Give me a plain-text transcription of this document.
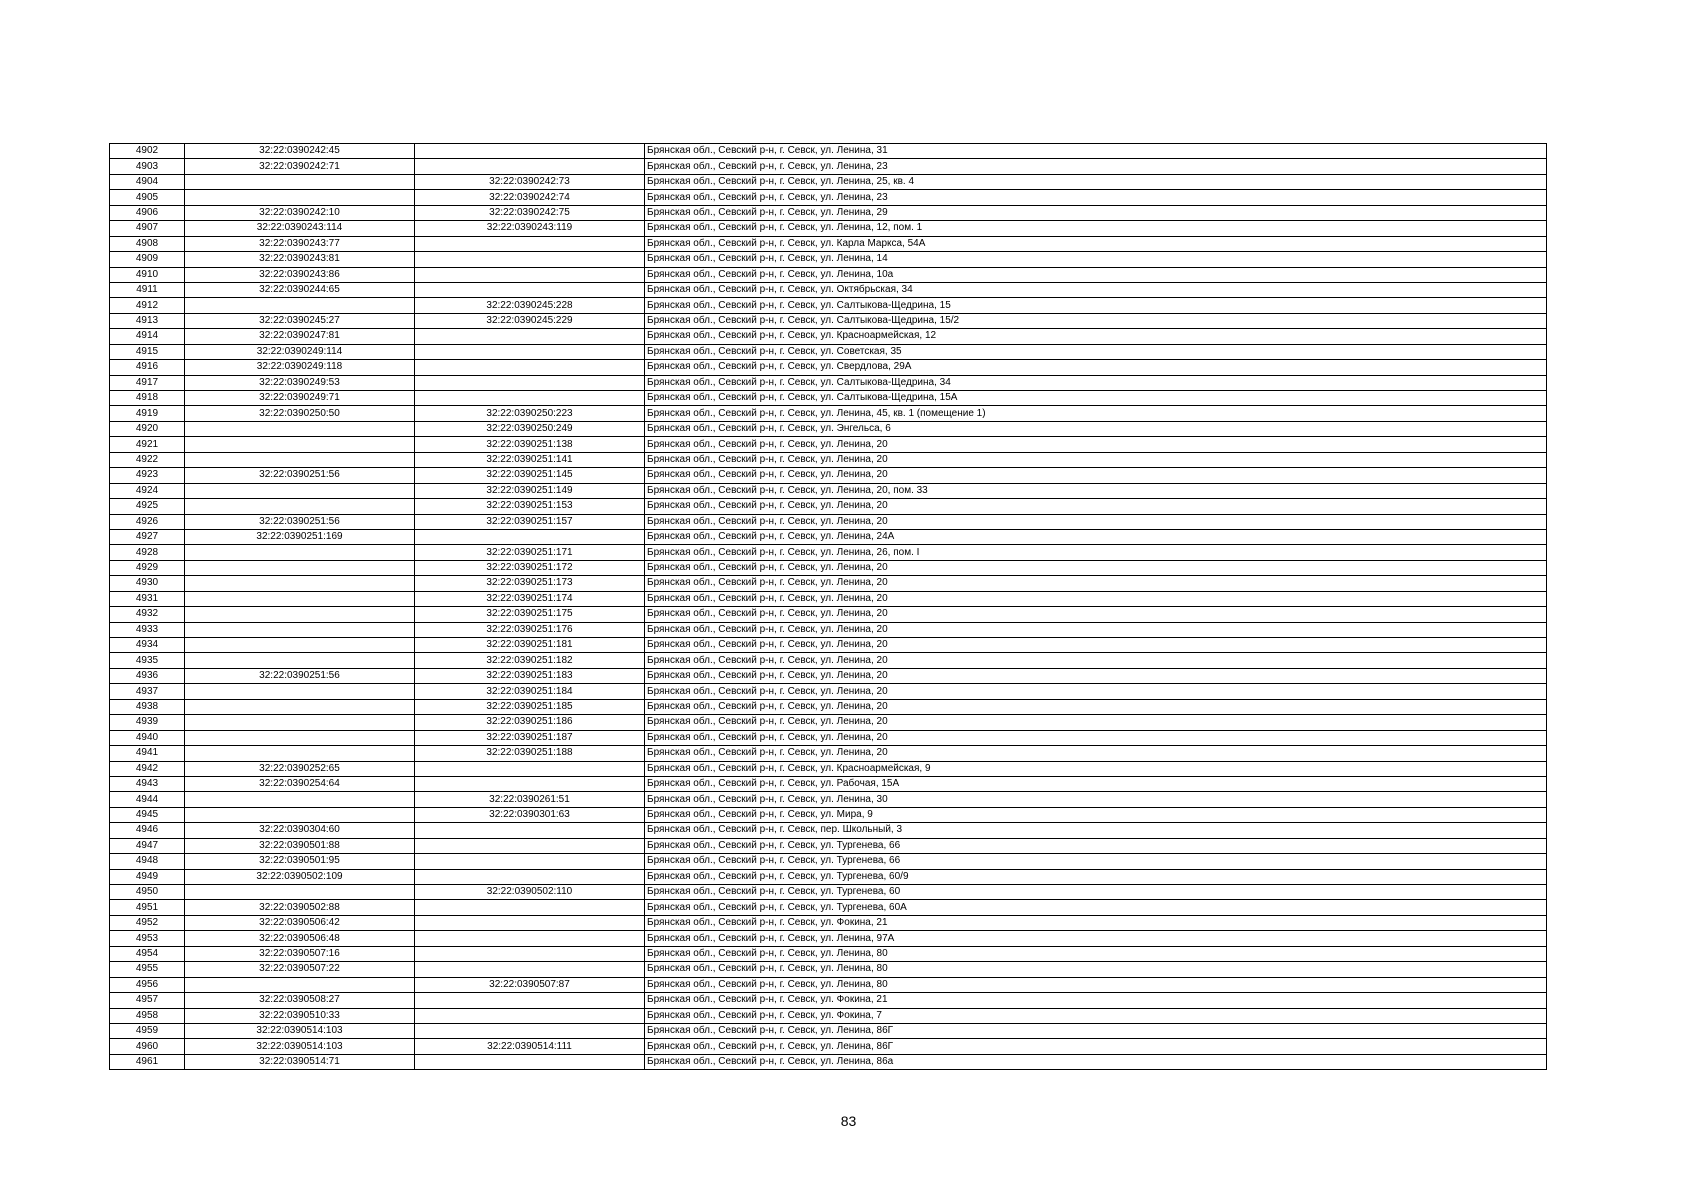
4902	32:22:0390242:45		Брянская обл., Севский р-н, г. Севск, ул. Ленина, 31
4903	32:22:0390242:71		Брянская обл., Севский р-н, г. Севск, ул. Ленина, 23
4904		32:22:0390242:73	Брянская обл., Севский р-н, г. Севск, ул. Ленина, 25, кв. 4
4905		32:22:0390242:74	Брянская обл., Севский р-н, г. Севск, ул. Ленина, 23
4906	32:22:0390242:10	32:22:0390242:75	Брянская обл., Севский р-н, г. Севск, ул. Ленина, 29
4907	32:22:0390243:114	32:22:0390243:119	Брянская обл., Севский р-н, г. Севск, ул. Ленина, 12, пом. 1
4908	32:22:0390243:77		Брянская обл., Севский р-н, г. Севск, ул. Карла Маркса, 54А
4909	32:22:0390243:81		Брянская обл., Севский р-н, г. Севск, ул. Ленина, 14
4910	32:22:0390243:86		Брянская обл., Севский р-н, г. Севск, ул. Ленина, 10а
4911	32:22:0390244:65		Брянская обл., Севский р-н, г. Севск, ул. Октябрьская, 34
4912		32:22:0390245:228	Брянская обл., Севский р-н, г. Севск, ул. Салтыкова-Щедрина, 15
4913	32:22:0390245:27	32:22:0390245:229	Брянская обл., Севский р-н, г. Севск, ул. Салтыкова-Щедрина, 15/2
4914	32:22:0390247:81		Брянская обл., Севский р-н, г. Севск, ул. Красноармейская, 12
4915	32:22:0390249:114		Брянская обл., Севский р-н, г. Севск, ул. Советская, 35
4916	32:22:0390249:118		Брянская обл., Севский р-н, г. Севск, ул. Свердлова, 29А
4917	32:22:0390249:53		Брянская обл., Севский р-н, г. Севск, ул. Салтыкова-Щедрина, 34
4918	32:22:0390249:71		Брянская обл., Севский р-н, г. Севск, ул. Салтыкова-Щедрина, 15А
4919	32:22:0390250:50	32:22:0390250:223	Брянская обл., Севский р-н, г. Севск, ул. Ленина, 45, кв. 1 (помещение 1)
4920		32:22:0390250:249	Брянская обл., Севский р-н, г. Севск, ул. Энгельса, 6
4921		32:22:0390251:138	Брянская обл., Севский р-н, г. Севск, ул. Ленина, 20
4922		32:22:0390251:141	Брянская обл., Севский р-н, г. Севск, ул. Ленина, 20
4923	32:22:0390251:56	32:22:0390251:145	Брянская обл., Севский р-н, г. Севск, ул. Ленина, 20
4924		32:22:0390251:149	Брянская обл., Севский р-н, г. Севск, ул. Ленина, 20, пом. 33
4925		32:22:0390251:153	Брянская обл., Севский р-н, г. Севск, ул. Ленина, 20
4926	32:22:0390251:56	32:22:0390251:157	Брянская обл., Севский р-н, г. Севск, ул. Ленина, 20
4927	32:22:0390251:169		Брянская обл., Севский р-н, г. Севск, ул. Ленина, 24А
4928		32:22:0390251:171	Брянская обл., Севский р-н, г. Севск, ул. Ленина, 26, пом. I
4929		32:22:0390251:172	Брянская обл., Севский р-н, г. Севск, ул. Ленина, 20
4930		32:22:0390251:173	Брянская обл., Севский р-н, г. Севск, ул. Ленина, 20
4931		32:22:0390251:174	Брянская обл., Севский р-н, г. Севск, ул. Ленина, 20
4932		32:22:0390251:175	Брянская обл., Севский р-н, г. Севск, ул. Ленина, 20
4933		32:22:0390251:176	Брянская обл., Севский р-н, г. Севск, ул. Ленина, 20
4934		32:22:0390251:181	Брянская обл., Севский р-н, г. Севск, ул. Ленина, 20
4935		32:22:0390251:182	Брянская обл., Севский р-н, г. Севск, ул. Ленина, 20
4936	32:22:0390251:56	32:22:0390251:183	Брянская обл., Севский р-н, г. Севск, ул. Ленина, 20
4937		32:22:0390251:184	Брянская обл., Севский р-н, г. Севск, ул. Ленина, 20
4938		32:22:0390251:185	Брянская обл., Севский р-н, г. Севск, ул. Ленина, 20
4939		32:22:0390251:186	Брянская обл., Севский р-н, г. Севск, ул. Ленина, 20
4940		32:22:0390251:187	Брянская обл., Севский р-н, г. Севск, ул. Ленина, 20
4941		32:22:0390251:188	Брянская обл., Севский р-н, г. Севск, ул. Ленина, 20
4942	32:22:0390252:65		Брянская обл., Севский р-н, г. Севск, ул. Красноармейская, 9
4943	32:22:0390254:64		Брянская обл., Севский р-н, г. Севск, ул. Рабочая, 15А
4944		32:22:0390261:51	Брянская обл., Севский р-н, г. Севск, ул. Ленина, 30
4945		32:22:0390301:63	Брянская обл., Севский р-н, г. Севск, ул. Мира, 9
4946	32:22:0390304:60		Брянская обл., Севский р-н, г. Севск, пер. Школьный, 3
4947	32:22:0390501:88		Брянская обл., Севский р-н, г. Севск, ул. Тургенева, 66
4948	32:22:0390501:95		Брянская обл., Севский р-н, г. Севск, ул. Тургенева, 66
4949	32:22:0390502:109		Брянская обл., Севский р-н, г. Севск, ул. Тургенева, 60/9
4950		32:22:0390502:110	Брянская обл., Севский р-н, г. Севск, ул. Тургенева, 60
4951	32:22:0390502:88		Брянская обл., Севский р-н, г. Севск, ул. Тургенева, 60А
4952	32:22:0390506:42		Брянская обл., Севский р-н, г. Севск, ул. Фокина, 21
4953	32:22:0390506:48		Брянская обл., Севский р-н, г. Севск, ул. Ленина, 97А
4954	32:22:0390507:16		Брянская обл., Севский р-н, г. Севск, ул. Ленина, 80
4955	32:22:0390507:22		Брянская обл., Севский р-н, г. Севск, ул. Ленина, 80
4956		32:22:0390507:87	Брянская обл., Севский р-н, г. Севск, ул. Ленина, 80
4957	32:22:0390508:27		Брянская обл., Севский р-н, г. Севск, ул. Фокина, 21
4958	32:22:0390510:33		Брянская обл., Севский р-н, г. Севск, ул. Фокина, 7
4959	32:22:0390514:103		Брянская обл., Севский р-н, г. Севск, ул. Ленина, 86Г
4960	32:22:0390514:103	32:22:0390514:111	Брянская обл., Севский р-н, г. Севск, ул. Ленина, 86Г
4961	32:22:0390514:71		Брянская обл., Севский р-н, г. Севск, ул. Ленина, 86а
83
